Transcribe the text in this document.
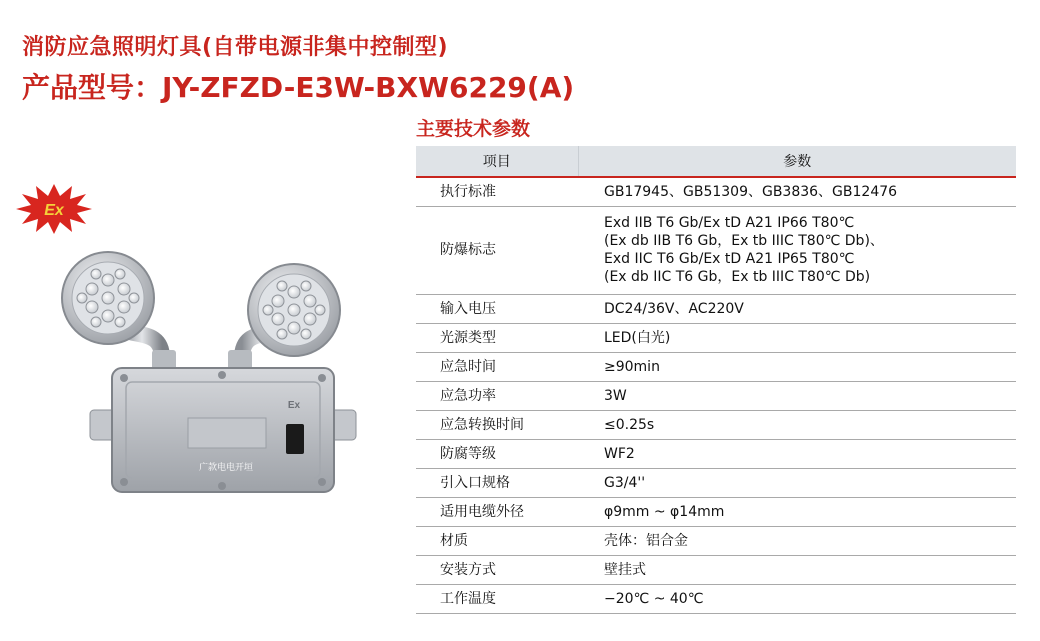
消防应急照明灯具(自带电源非集中控制型)
产品型号：JY-ZFZD-E3W-BXW6229(A)
Ex
广款电电开垣
Ex
主要技术参数
项目	参数
执行标准	GB17945、GB51309、GB3836、GB12476
防爆标志	Exd IIB T6 Gb/Ex tD A21 IP66 T80℃
(Ex db IIB T6 Gb，Ex tb IIIC T80℃ Db)、
Exd IIC T6 Gb/Ex tD A21 IP65 T80℃
(Ex db IIC T6 Gb，Ex tb IIIC T80℃ Db)

输入电压	DC24/36V、AC220V
光源类型	LED(白光)
应急时间	≥90min
应急功率	3W
应急转换时间	≤0.25s
防腐等级	WF2
引入口规格	G3/4''
适用电缆外径	φ9mm ~ φ14mm
材质	壳体：铝合金
安装方式	壁挂式
工作温度	−20℃ ~ 40℃
